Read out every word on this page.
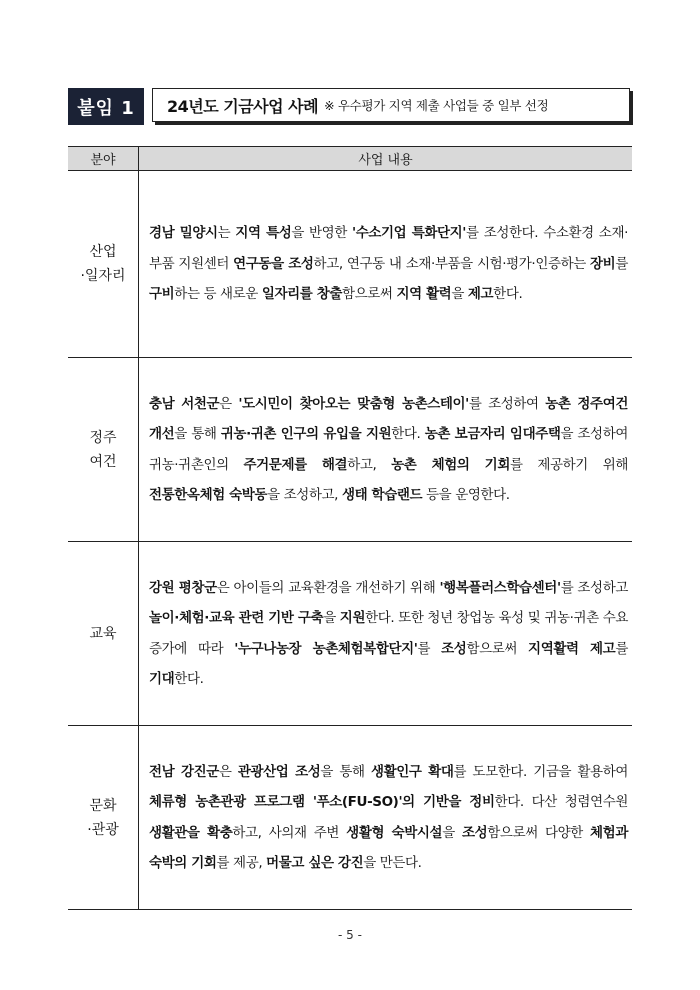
붙임 1	24년도 기금사업 사례 ※ 우수평가 지역 제출 사업들 중 일부 선정
분야	사업 내용

산업
·일자리	경남 밀양시는 지역 특성을 반영한 '수소기업 특화단지'를 조성한다. 수소환경 소재·부품 지원센터 연구동을 조성하고, 연구동 내 소재·부품을 시험·평가·인증하는 장비를 구비하는 등 새로운 일자리를 창출함으로써 지역 활력을 제고한다.

정주
여건	충남 서천군은 '도시민이 찾아오는 맞춤형 농촌스테이'를 조성하여 농촌 정주여건 개선을 통해 귀농·귀촌 인구의 유입을 지원한다. 농촌 보금자리 임대주택을 조성하여 귀농·귀촌인의 주거문제를 해결하고, 농촌 체험의 기회를 제공하기 위해 전통한옥체험 숙박동을 조성하고, 생태 학습랜드 등을 운영한다.

교육	강원 평창군은 아이들의 교육환경을 개선하기 위해 '행복플러스학습센터'를 조성하고 놀이·체험·교육 관련 기반 구축을 지원한다. 또한 청년 창업농 육성 및 귀농·귀촌 수요 증가에 따라 '누구나농장 농촌체험복합단지'를 조성함으로써 지역활력 제고를 기대한다.

문화
·관광	전남 강진군은 관광산업 조성을 통해 생활인구 확대를 도모한다. 기금을 활용하여 체류형 농촌관광 프로그램 '푸소(FU-SO)'의 기반을 정비한다. 다산 청렴연수원 생활관을 확충하고, 사의재 주변 생활형 숙박시설을 조성함으로써 다양한 체험과 숙박의 기회를 제공, 머물고 싶은 강진을 만든다.
- 5 -
